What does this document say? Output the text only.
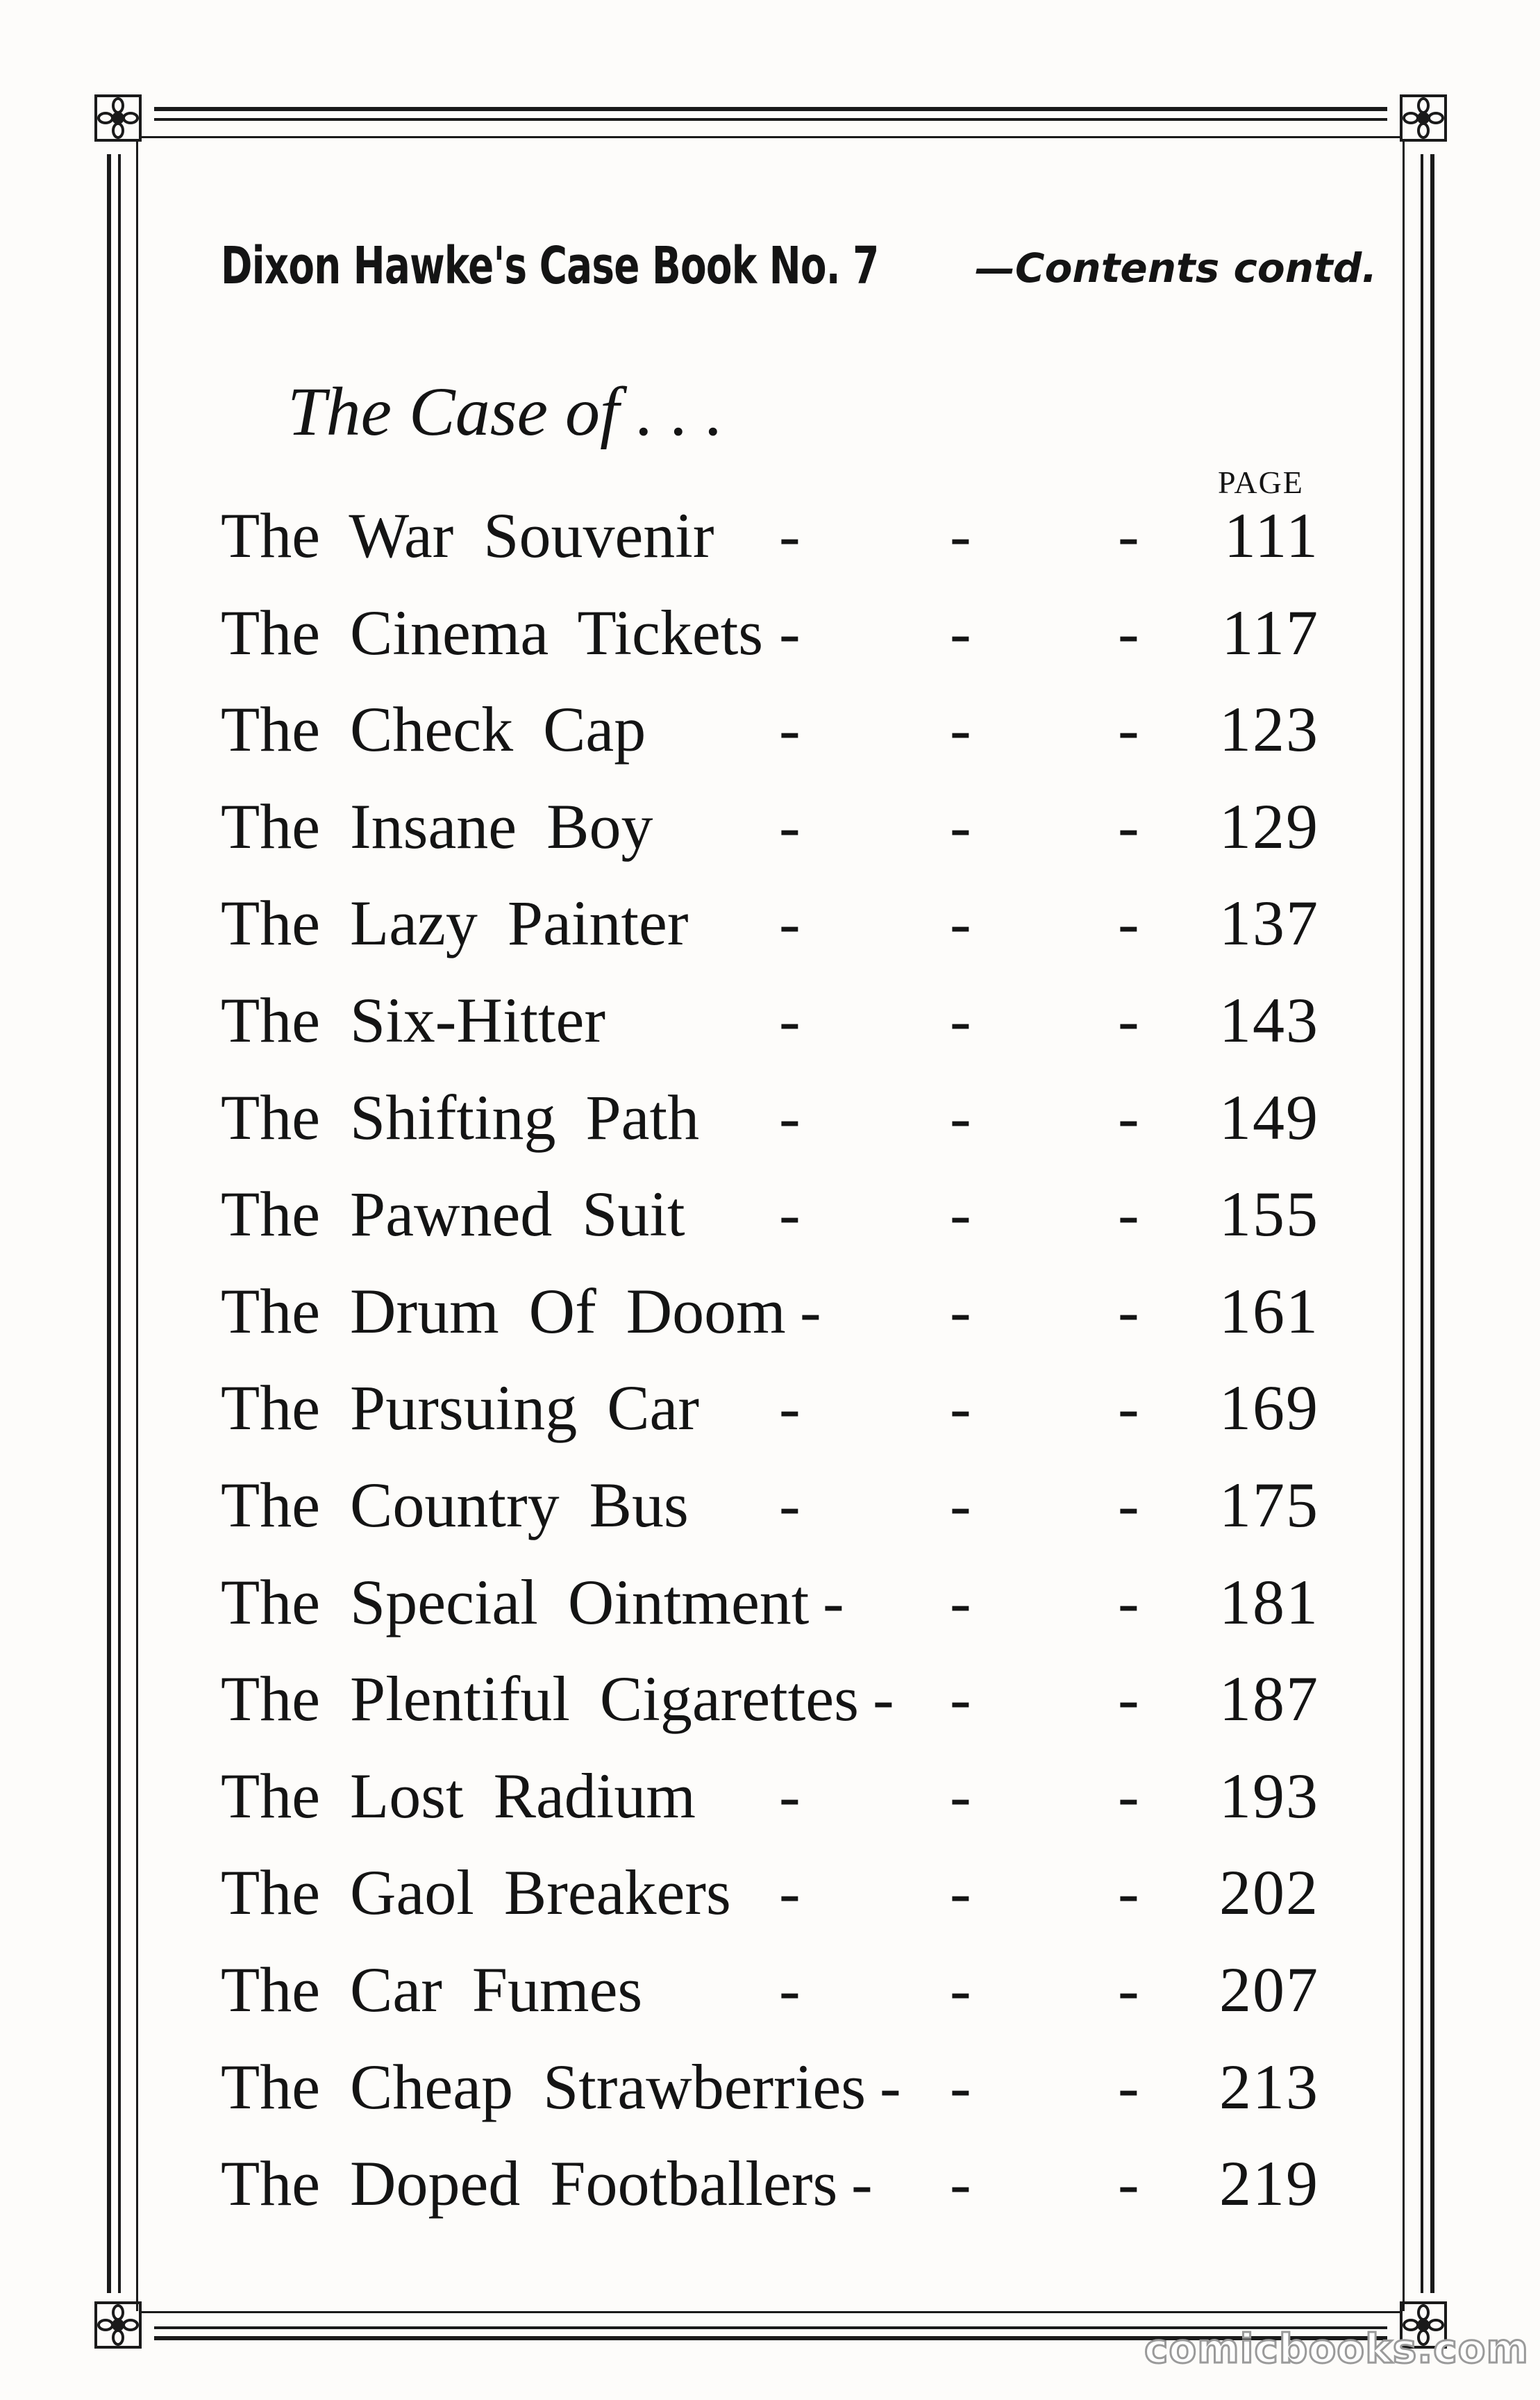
Dixon Hawke's Case Book No. 7 —Contents contd.
The Case of . . .
PAGE
The War Souvenir - - - 111
The Cinema Tickets - - - 117
The Check Cap - - - 123
The Insane Boy - - - 129
The Lazy Painter - - - 137
The Six-Hitter	- - - 143
The Shifting Path - - - 149
The Pawned Suit - - - 155
The Drum Of Doom - - - 161
The Pursuing Car - - - 169
The Country Bus - - - 175
The Special Ointment - - - 181
The Plentiful Cigarettes - - - 187
The Lost Radium - - - 193
The Gaol Breakers - - - 202
The Car Fumes - - - 207
The Cheap Strawberries - - - 213
The Doped Footballers - - - 219
comicbooks.com
